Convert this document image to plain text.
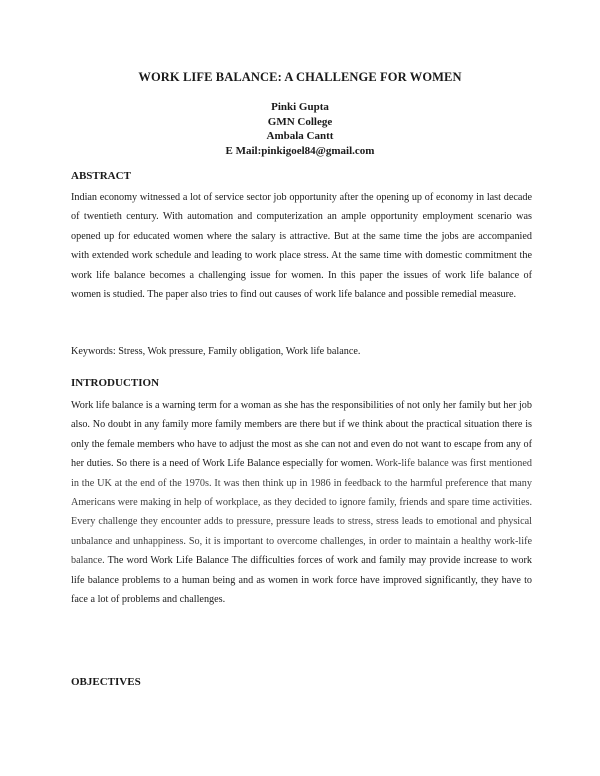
WORK LIFE BALANCE: A CHALLENGE FOR WOMEN
Pinki Gupta
GMN College
Ambala Cantt
E Mail:pinkigoel84@gmail.com
ABSTRACT

Indian economy witnessed a lot of service sector job opportunity after the opening up of economy in last decade of twentieth century. With automation and computerization an ample opportunity employment scenario was opened up for educated women where the salary is attractive. But at the same time the jobs are accompanied with extended work schedule and leading to work place stress. At the same time with domestic commitment the work life balance becomes a challenging issue for women. In this paper the issues of work life balance of women is studied. The paper also tries to find out causes of work life balance and possible remedial measure.

Keywords: Stress, Wok pressure, Family obligation, Work life balance.
INTRODUCTION

Work life balance is a warning term for a woman as she has the responsibilities of not only her family but her job also. No doubt in any family more family members are there but if we think about the practical situation there is only the female members who have to adjust the most as she can not and even do not want to escape from any of her duties. So there is a need of Work Life Balance especially for women. Work-life balance was first mentioned in the UK at the end of the 1970s. It was then think up in 1986 in feedback to the harmful preference that many Americans were making in help of workplace, as they decided to ignore family, friends and spare time activities. Every challenge they encounter adds to pressure, pressure leads to stress, stress leads to emotional and physical unbalance and unhappiness. So, it is important to overcome challenges, in order to maintain a healthy work-life balance. The word Work Life Balance The difficulties forces of work and family may provide increase to work life balance problems to a human being and as women in work force have improved significantly, they have to face a lot of problems and challenges.

OBJECTIVES
